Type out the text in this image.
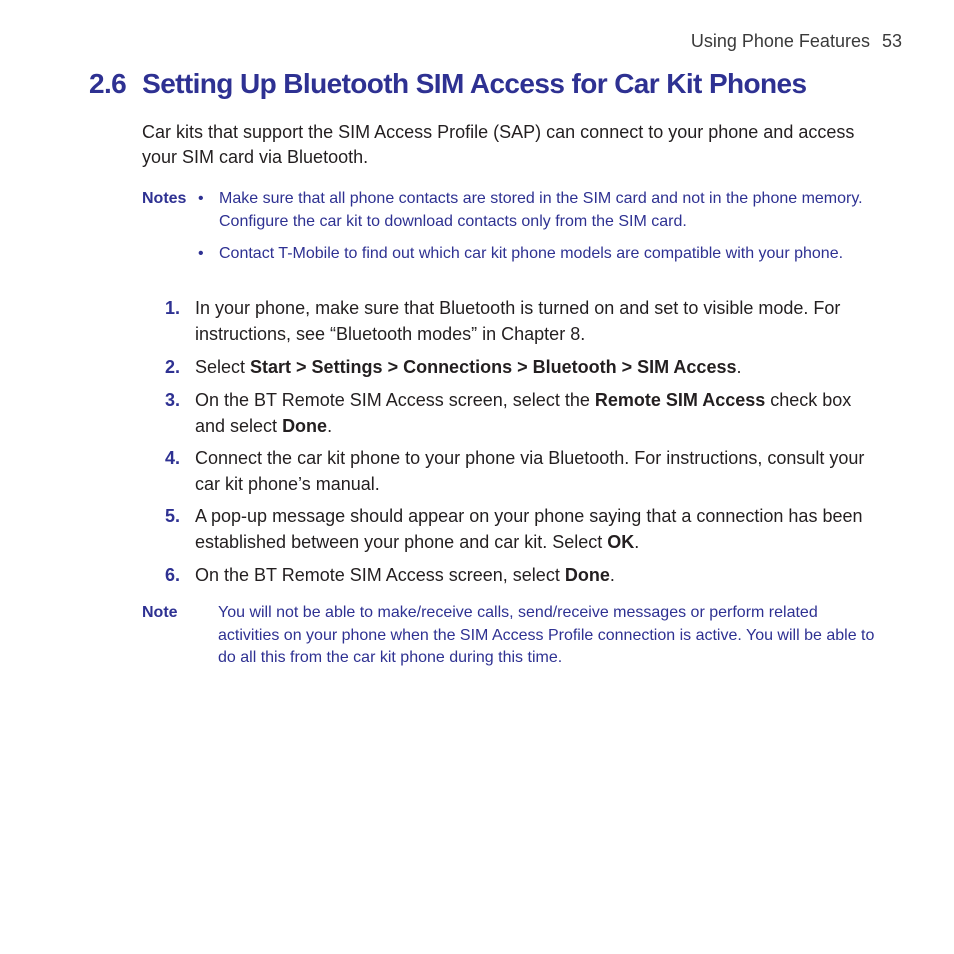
Using Phone Features 53
2.6 Setting Up Bluetooth SIM Access for Car Kit Phones
Car kits that support the SIM Access Profile (SAP) can connect to your phone and access your SIM card via Bluetooth.
Notes • Make sure that all phone contacts are stored in the SIM card and not in the phone memory. Configure the car kit to download contacts only from the SIM card.
• Contact T-Mobile to find out which car kit phone models are compatible with your phone.
1. In your phone, make sure that Bluetooth is turned on and set to visible mode. For instructions, see “Bluetooth modes” in Chapter 8.
2. Select Start > Settings > Connections > Bluetooth > SIM Access.
3. On the BT Remote SIM Access screen, select the Remote SIM Access check box and select Done.
4. Connect the car kit phone to your phone via Bluetooth. For instructions, consult your car kit phone’s manual.
5. A pop-up message should appear on your phone saying that a connection has been established between your phone and car kit. Select OK.
6. On the BT Remote SIM Access screen, select Done.
Note	You will not be able to make/receive calls, send/receive messages or perform related activities on your phone when the SIM Access Profile connection is active. You will be able to do all this from the car kit phone during this time.
